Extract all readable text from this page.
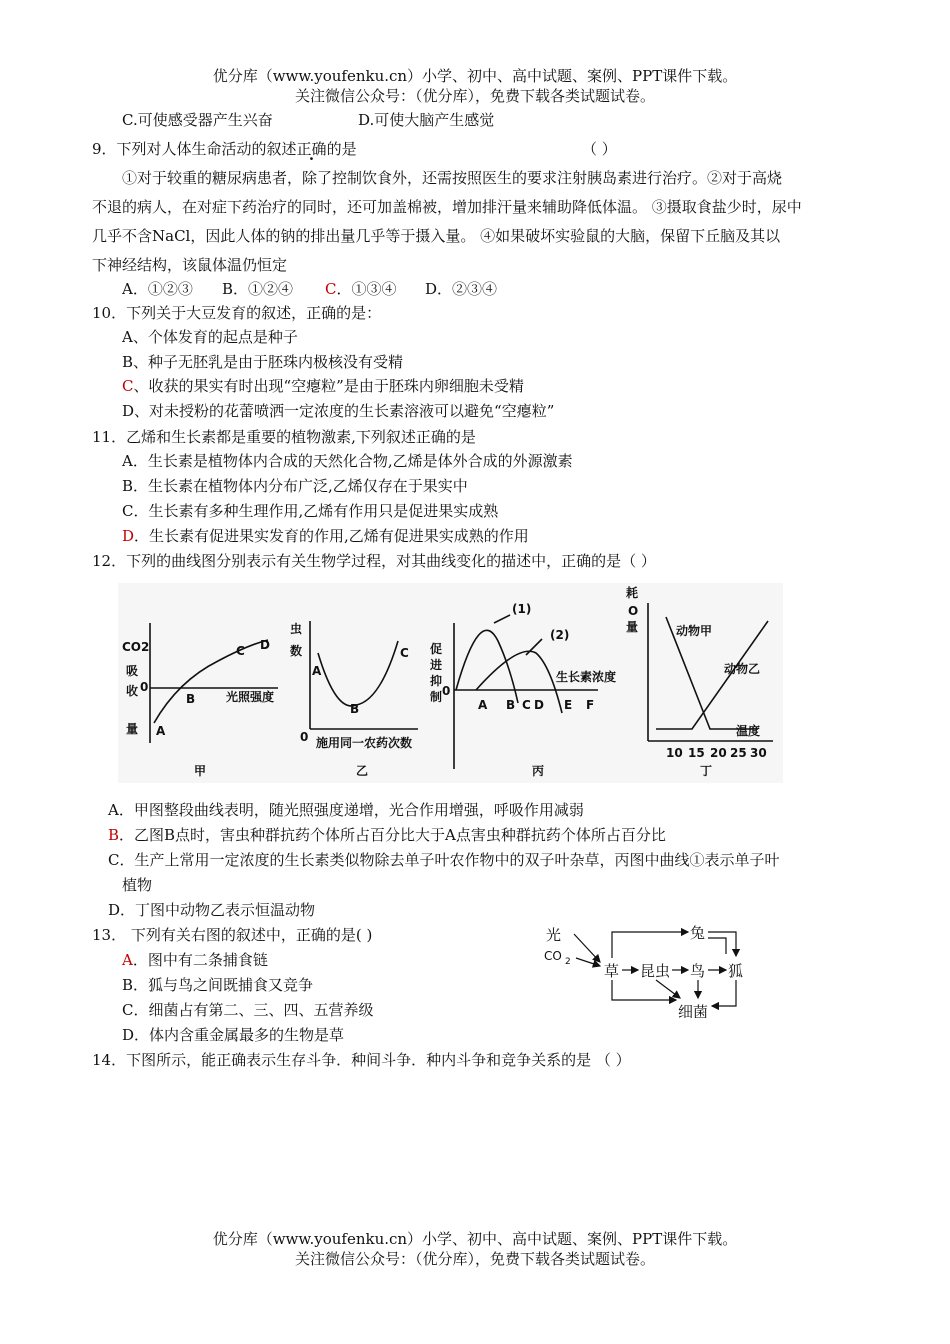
优分库（www.youfenku.cn）小学、初中、高中试题、案例、PPT课件下载。
关注微信公众号：（优分库），免费下载各类试题试卷。
C.可使感受器产生兴奋	D.可使大脑产生感觉
9．下列对人体生命活动的叙述正确的是	（ ）
①对于较重的糖尿病患者，除了控制饮食外，还需按照医生的要求注射胰岛素进行治疗。②对于高烧
不退的病人，在对症下药治疗的同时，还可加盖棉被，增加排汗量来辅助降低体温。 ③摄取食盐少时，尿中
几乎不含NaCl，因此人体的钠的排出量几乎等于摄入量。 ④如果破坏实验鼠的大脑，保留下丘脑及其以
下神经结构，该鼠体温仍恒定
A．①②③ B．①②④ C．①③④ D．②③④
10．下列关于大豆发育的叙述，正确的是：
A、个体发育的起点是种子
B、种子无胚乳是由于胚珠内极核没有受精
C、收获的果实有时出现“空瘪粒”是由于胚珠内卵细胞未受精
D、对未授粉的花蕾喷洒一定浓度的生长素溶液可以避免“空瘪粒”
11．乙烯和生长素都是重要的植物激素,下列叙述正确的是
A．生长素是植物体内合成的天然化合物,乙烯是体外合成的外源激素
B．生长素在植物体内分布广泛,乙烯仅存在于果实中
C．生长素有多种生理作用,乙烯有作用只是促进果实成熟
D．生长素有促进果实发育的作用,乙烯有促进果实成熟的作用
12．下列的曲线图分别表示有关生物学过程，对其曲线变化的描述中，正确的是（ ）
CO2
吸
收
量
0
光照强度
A
B
C D
甲
虫
数
A
B
C
0 施用同一农药次数
乙
促
进
抑
制 0
(1)
(2)
生长素浓度
A B C D E F
丙
耗
O
量	动物甲
动物乙
温度
10 15 20 25 30
丁
A．甲图整段曲线表明，随光照强度递增，光合作用增强，呼吸作用减弱
B．乙图B点时，害虫种群抗药个体所占百分比大于A点害虫种群抗药个体所占百分比
C．生产上常用一定浓度的生长素类似物除去单子叶农作物中的双子叶杂草，丙图中曲线①表示单子叶
植物
D．丁图中动物乙表示恒温动物
13． 下列有关右图的叙述中，正确的是( )
A．图中有二条捕食链
B．狐与鸟之间既捕食又竞争
C．细菌占有第二、三、四、五营养级
D．体内含重金属最多的生物是草
光
CO 2 草 昆虫 鸟 狐
兔
细菌
14．下图所示，能正确表示生存斗争．种间斗争．种内斗争和竞争关系的是 （ ）
优分库（www.youfenku.cn）小学、初中、高中试题、案例、PPT课件下载。
关注微信公众号：（优分库），免费下载各类试题试卷。
